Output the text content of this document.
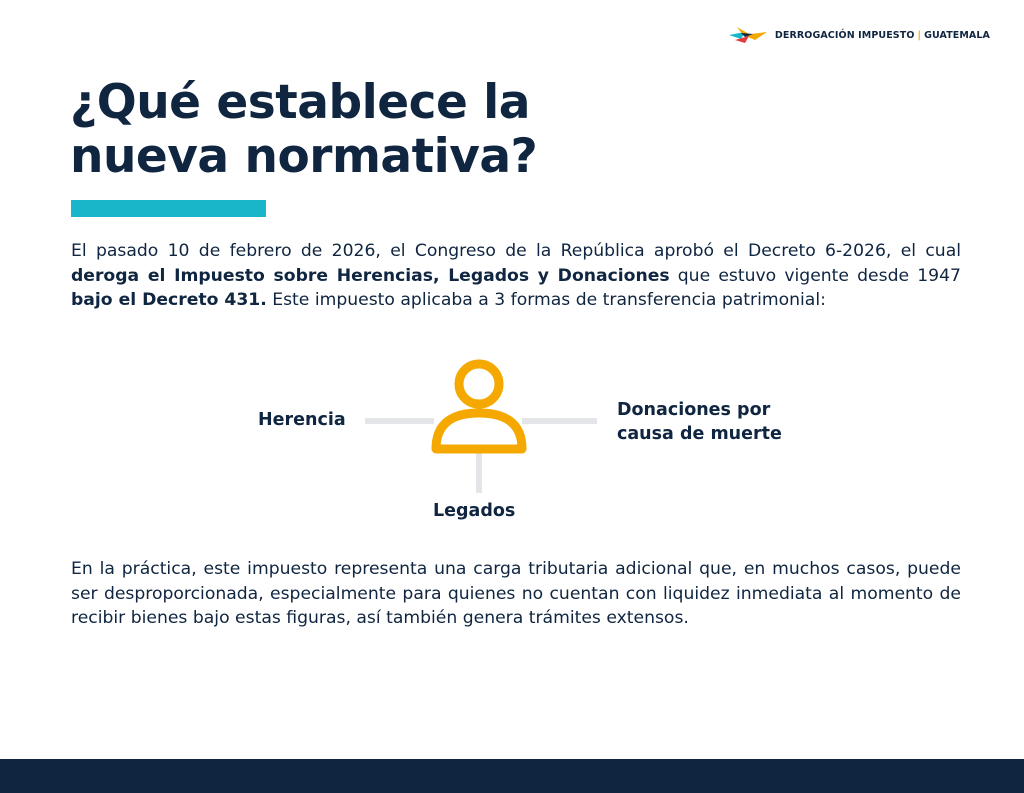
DERROGACIÓN IMPUESTO | GUATEMALA
¿Qué establece la
nueva normativa?

El pasado 10 de febrero de 2026, el Congreso de la República aprobó el Decreto 6-2026, el cual deroga el Impuesto sobre Herencias, Legados y Donaciones que estuvo vigente desde 1947 bajo el Decreto 431. Este impuesto aplicaba a 3 formas de transferencia patrimonial:

Herencia	Donaciones por
causa de muerte
Legados

En la práctica, este impuesto representa una carga tributaria adicional que, en muchos casos, puede ser desproporcionada, especialmente para quienes no cuentan con liquidez inmediata al momento de recibir bienes bajo estas figuras, así también genera trámites extensos.
